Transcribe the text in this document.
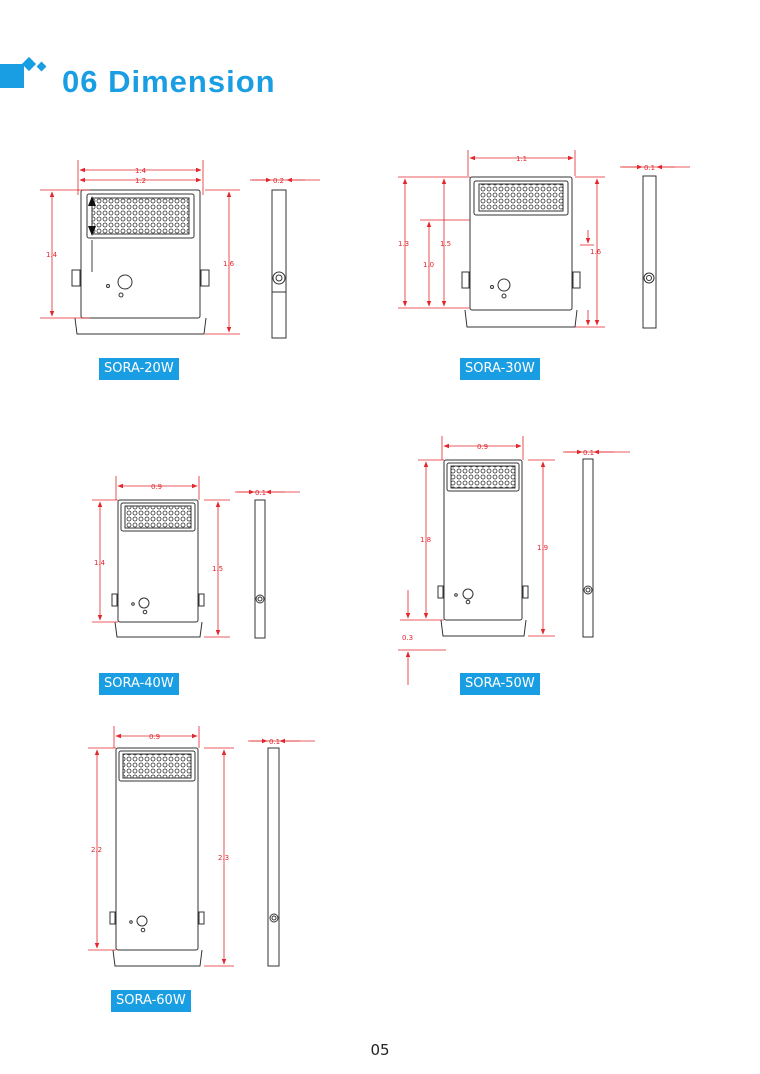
06 Dimension
1.4
1.2
1.4
1.6
0.2
1.1
1.3	1.5
1.0
1.6
0.1
0.9
1.4
1.5
0.1
0.9
1.8
1.9
0.3
0.1
0.9
2.2
2.3
0.1
SORA-20W	SORA-30W
SORA-40W	SORA-50W
SORA-60W
05
